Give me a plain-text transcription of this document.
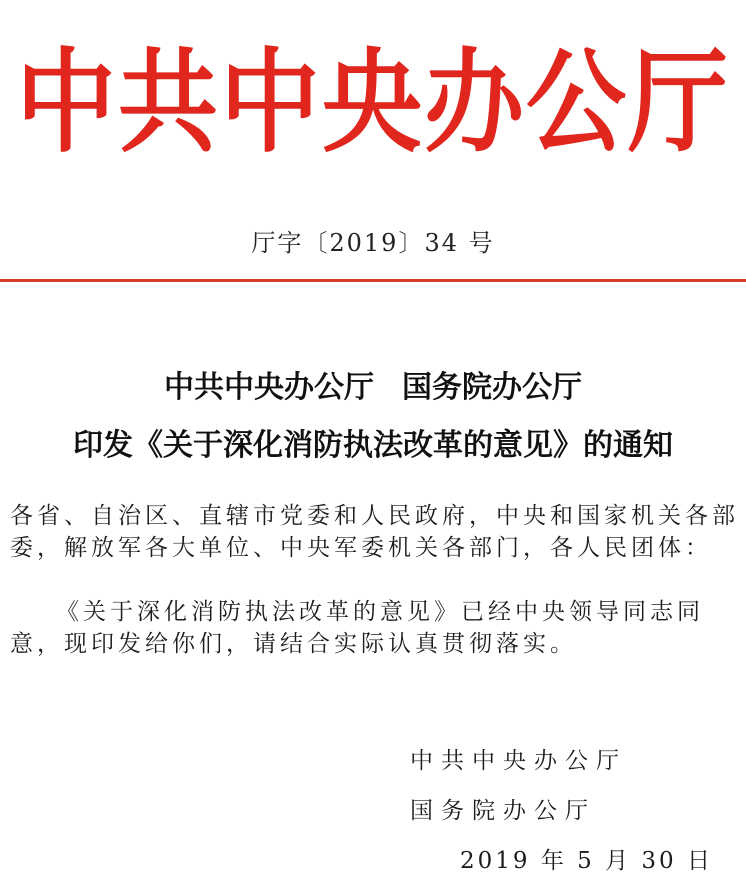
中共中央办公厅
厅字〔2019〕34 号
中共中央办公厅 国务院办公厅
印发《关于深化消防执法改革的意见》的通知
各省、自治区、直辖市党委和人民政府，中央和国家机关各部委，解放军各大单位、中央军委机关各部门，各人民团体：
《关于深化消防执法改革的意见》已经中央领导同志同意，现印发给你们，请结合实际认真贯彻落实。
中共中央办公厅
国务院办公厅
2019 年 5 月 30 日
